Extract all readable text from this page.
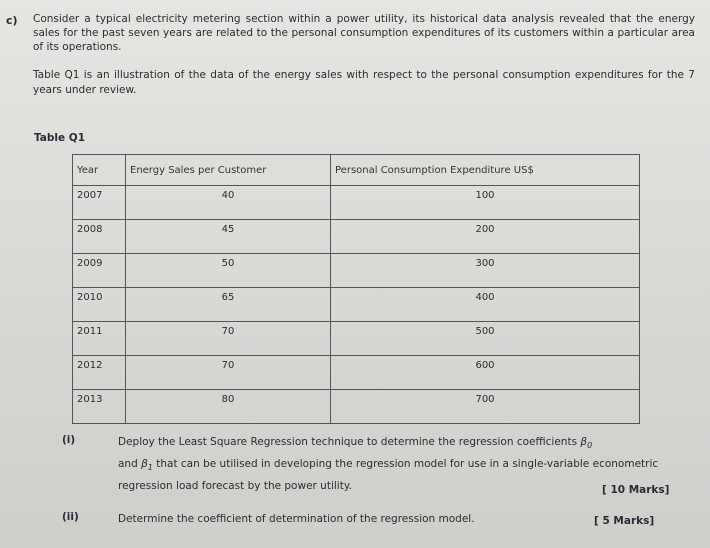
c) Consider a typical electricity metering section within a power utility, its historical data analysis revealed that the energy sales for the past seven years are related to the personal consumption expenditures of its customers within a particular area of its operations.
Table Q1 is an illustration of the data of the energy sales with respect to the personal consumption expenditures for the 7 years under review.
Table Q1
Year	Energy Sales per Customer	Personal Consumption Expenditure US$
2007	40	100
2008	45	200
2009	50	300
2010	65	400
2011	70	500
2012	70	600
2013	80	700
(i)	Deploy the Least Square Regression technique to determine the regression coefficients $\beta_0$
and $\beta_1$ that can be utilised in developing the regression model for use in a single-variable econometric regression load forecast by the power utility.	[ 10 Marks]
(ii)	Determine the coefficient of determination of the regression model.	[ 5 Marks]
